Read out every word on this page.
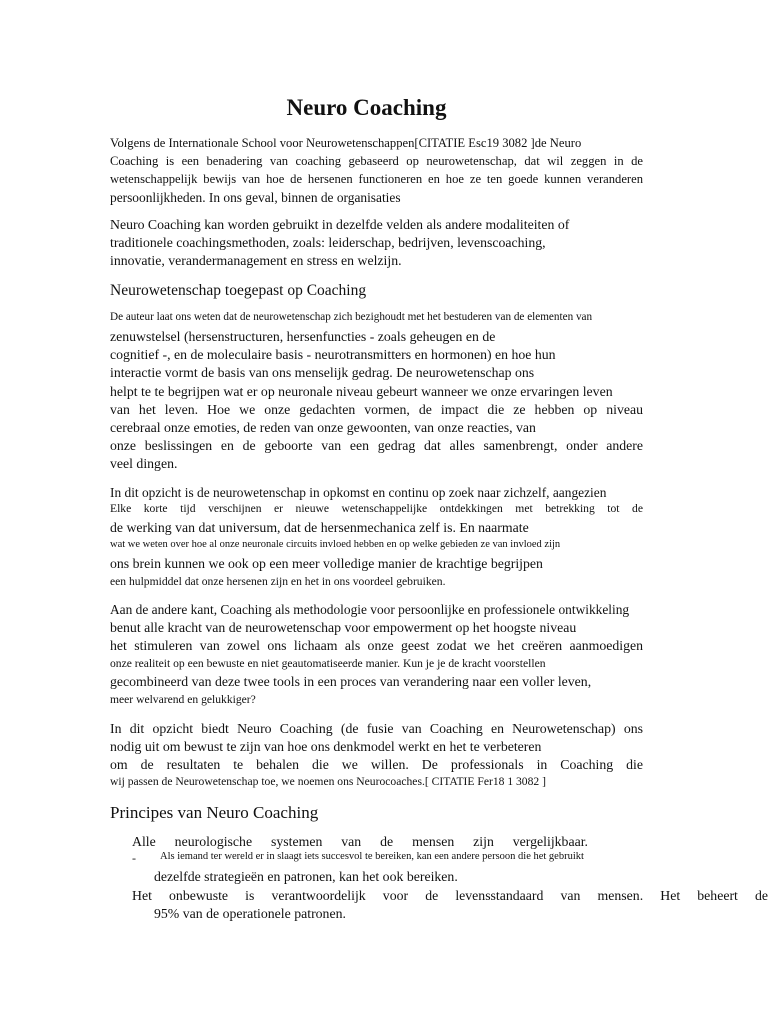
Neuro Coaching
Volgens de Internationale School voor Neurowetenschappen[CITATIE Esc19 3082 ]de Neuro
Coaching is een benadering van coaching gebaseerd op neurowetenschap, dat wil zeggen in de
wetenschappelijk bewijs van hoe de hersenen functioneren en hoe ze ten goede kunnen veranderen
persoonlijkheden. In ons geval, binnen de organisaties
Neuro Coaching kan worden gebruikt in dezelfde velden als andere modaliteiten of
traditionele coachingsmethoden, zoals: leiderschap, bedrijven, levenscoaching,
innovatie, verandermanagement en stress en welzijn.
Neurowetenschap toegepast op Coaching
De auteur laat ons weten dat de neurowetenschap zich bezighoudt met het bestuderen van de elementen van
zenuwstelsel (hersenstructuren, hersenfuncties - zoals geheugen en de
cognitief -, en de moleculaire basis - neurotransmitters en hormonen) en hoe hun
interactie vormt de basis van ons menselijk gedrag. De neurowetenschap ons
helpt te te begrijpen wat er op neuronale niveau gebeurt wanneer we onze ervaringen leven
van het leven. Hoe we onze gedachten vormen, de impact die ze hebben op niveau
cerebraal onze emoties, de reden van onze gewoonten, van onze reacties, van
onze beslissingen en de geboorte van een gedrag dat alles samenbrengt, onder andere
veel dingen.
In dit opzicht is de neurowetenschap in opkomst en continu op zoek naar zichzelf, aangezien
Elke korte tijd verschijnen er nieuwe wetenschappelijke ontdekkingen met betrekking tot de
de werking van dat universum, dat de hersenmechanica zelf is. En naarmate
wat we weten over hoe al onze neuronale circuits invloed hebben en op welke gebieden ze van invloed zijn
ons brein kunnen we ook op een meer volledige manier de krachtige begrijpen
een hulpmiddel dat onze hersenen zijn en het in ons voordeel gebruiken.
Aan de andere kant, Coaching als methodologie voor persoonlijke en professionele ontwikkeling
benut alle kracht van de neurowetenschap voor empowerment op het hoogste niveau
het stimuleren van zowel ons lichaam als onze geest zodat we het creëren aanmoedigen
onze realiteit op een bewuste en niet geautomatiseerde manier. Kun je je de kracht voorstellen
gecombineerd van deze twee tools in een proces van verandering naar een voller leven,
meer welvarend en gelukkiger?
In dit opzicht biedt Neuro Coaching (de fusie van Coaching en Neurowetenschap) ons
nodig uit om bewust te zijn van hoe ons denkmodel werkt en het te verbeteren
om de resultaten te behalen die we willen. De professionals in Coaching die
wij passen de Neurowetenschap toe, we noemen ons Neurocoaches.[ CITATIE Fer18 1 3082 ]
Principes van Neuro Coaching
Alle neurologische systemen van de mensen zijn vergelijkbaar.
- Als iemand ter wereld er in slaagt iets succesvol te bereiken, kan een andere persoon die het gebruikt
dezelfde strategieën en patronen, kan het ook bereiken.
Het onbewuste is verantwoordelijk voor de levensstandaard van mensen. Het beheert de
95% van de operationele patronen.
